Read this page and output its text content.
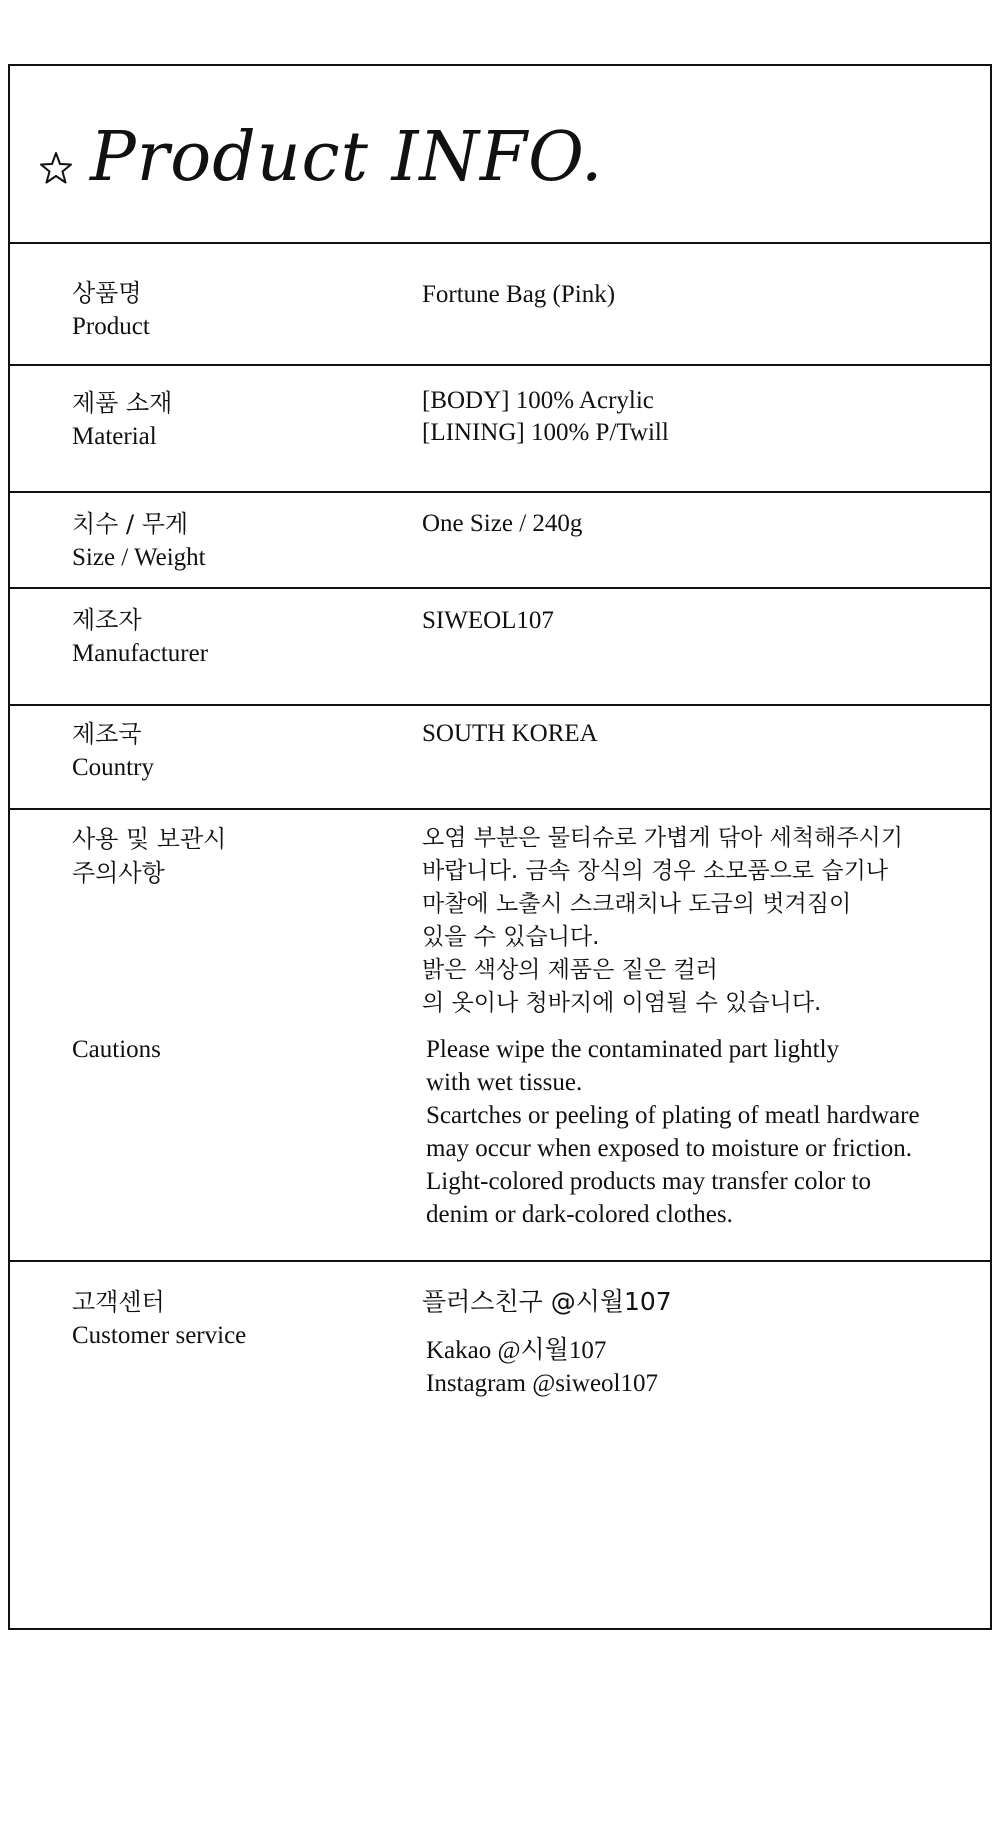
Product INFO.
상품명
Product
Fortune Bag (Pink)
제품 소재
Material
[BODY] 100% Acrylic
[LINING] 100% P/Twill
치수 / 무게
Size / Weight
One Size / 240g
제조자
Manufacturer
SIWEOL107
제조국
Country
SOUTH KOREA
사용 및 보관시
주의사항
오염 부분은 물티슈로 가볍게 닦아 세척해주시기
바랍니다. 금속 장식의 경우 소모품으로 습기나
마찰에 노출시 스크래치나 도금의 벗겨짐이
있을 수 있습니다.
밝은 색상의 제품은 짙은 컬러
의 옷이나 청바지에 이염될 수 있습니다.
Cautions	Please wipe the contaminated part lightly
with wet tissue.
Scartches or peeling of plating of meatl hardware
may occur when exposed to moisture or friction.
Light-colored products may transfer color to
denim or dark-colored clothes.
고객센터
Customer service
플러스친구 @시월107
Kakao @시월107
Instagram @siweol107
